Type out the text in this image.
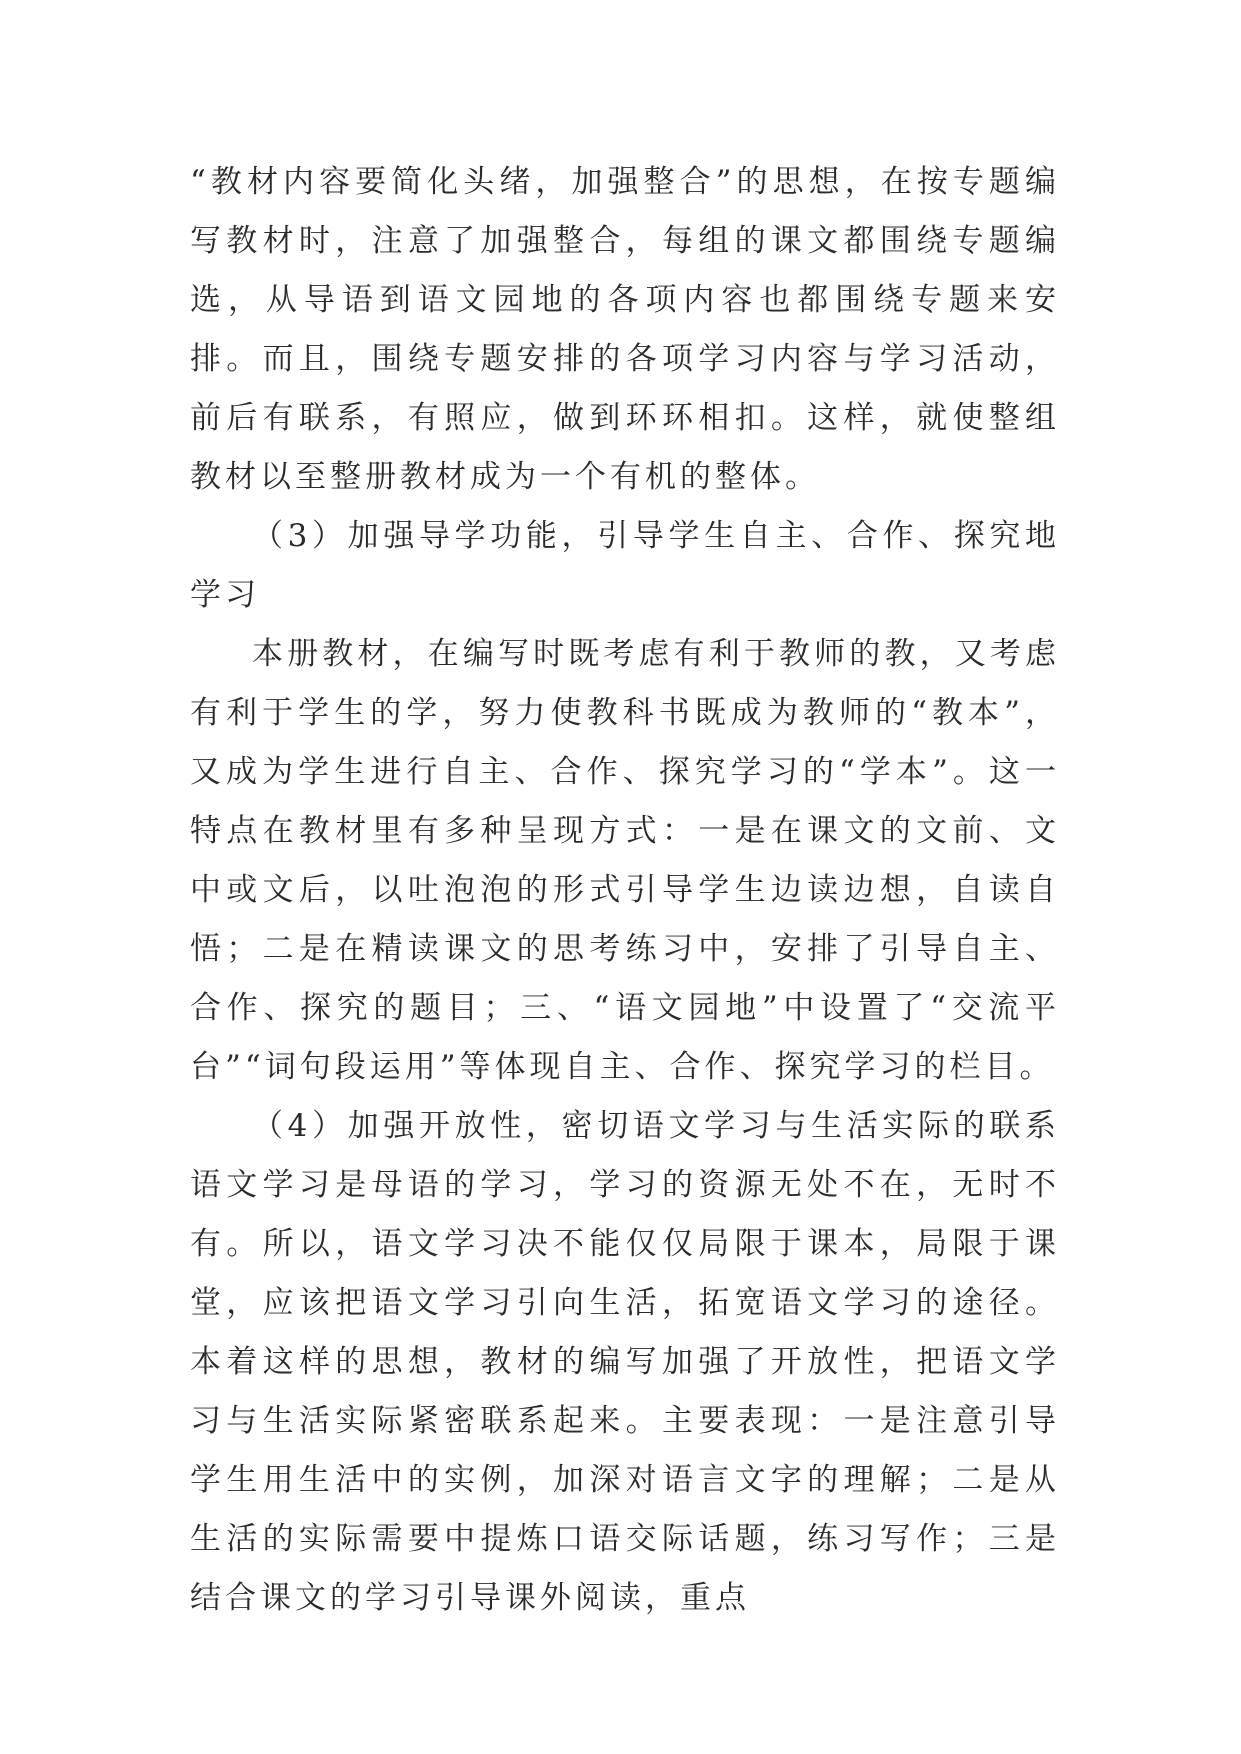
“教材内容要简化头绪，加强整合”的思想，在按专题编写教材时，注意了加强整合，每组的课文都围绕专题编选，从导语到语文园地的各项内容也都围绕专题来安排。而且，围绕专题安排的各项学习内容与学习活动，前后有联系，有照应，做到环环相扣。这样，就使整组教材以至整册教材成为一个有机的整体。

（3）加强导学功能，引导学生自主、合作、探究地学习

本册教材，在编写时既考虑有利于教师的教，又考虑有利于学生的学，努力使教科书既成为教师的“教本”，又成为学生进行自主、合作、探究学习的“学本”。这一特点在教材里有多种呈现方式：一是在课文的文前、文中或文后，以吐泡泡的形式引导学生边读边想，自读自悟；二是在精读课文的思考练习中，安排了引导自主、合作、探究的题目；三、“语文园地”中设置了“交流平台”“词句段运用”等体现自主、合作、探究学习的栏目。

（4）加强开放性，密切语文学习与生活实际的联系语文学习是母语的学习，学习的资源无处不在，无时不有。所以，语文学习决不能仅仅局限于课本，局限于课堂，应该把语文学习引向生活，拓宽语文学习的途径。本着这样的思想，教材的编写加强了开放性，把语文学习与生活实际紧密联系起来。主要表现：一是注意引导学生用生活中的实例，加深对语言文字的理解；二是从生活的实际需要中提炼口语交际话题，练习写作；三是结合课文的学习引导课外阅读，重点
